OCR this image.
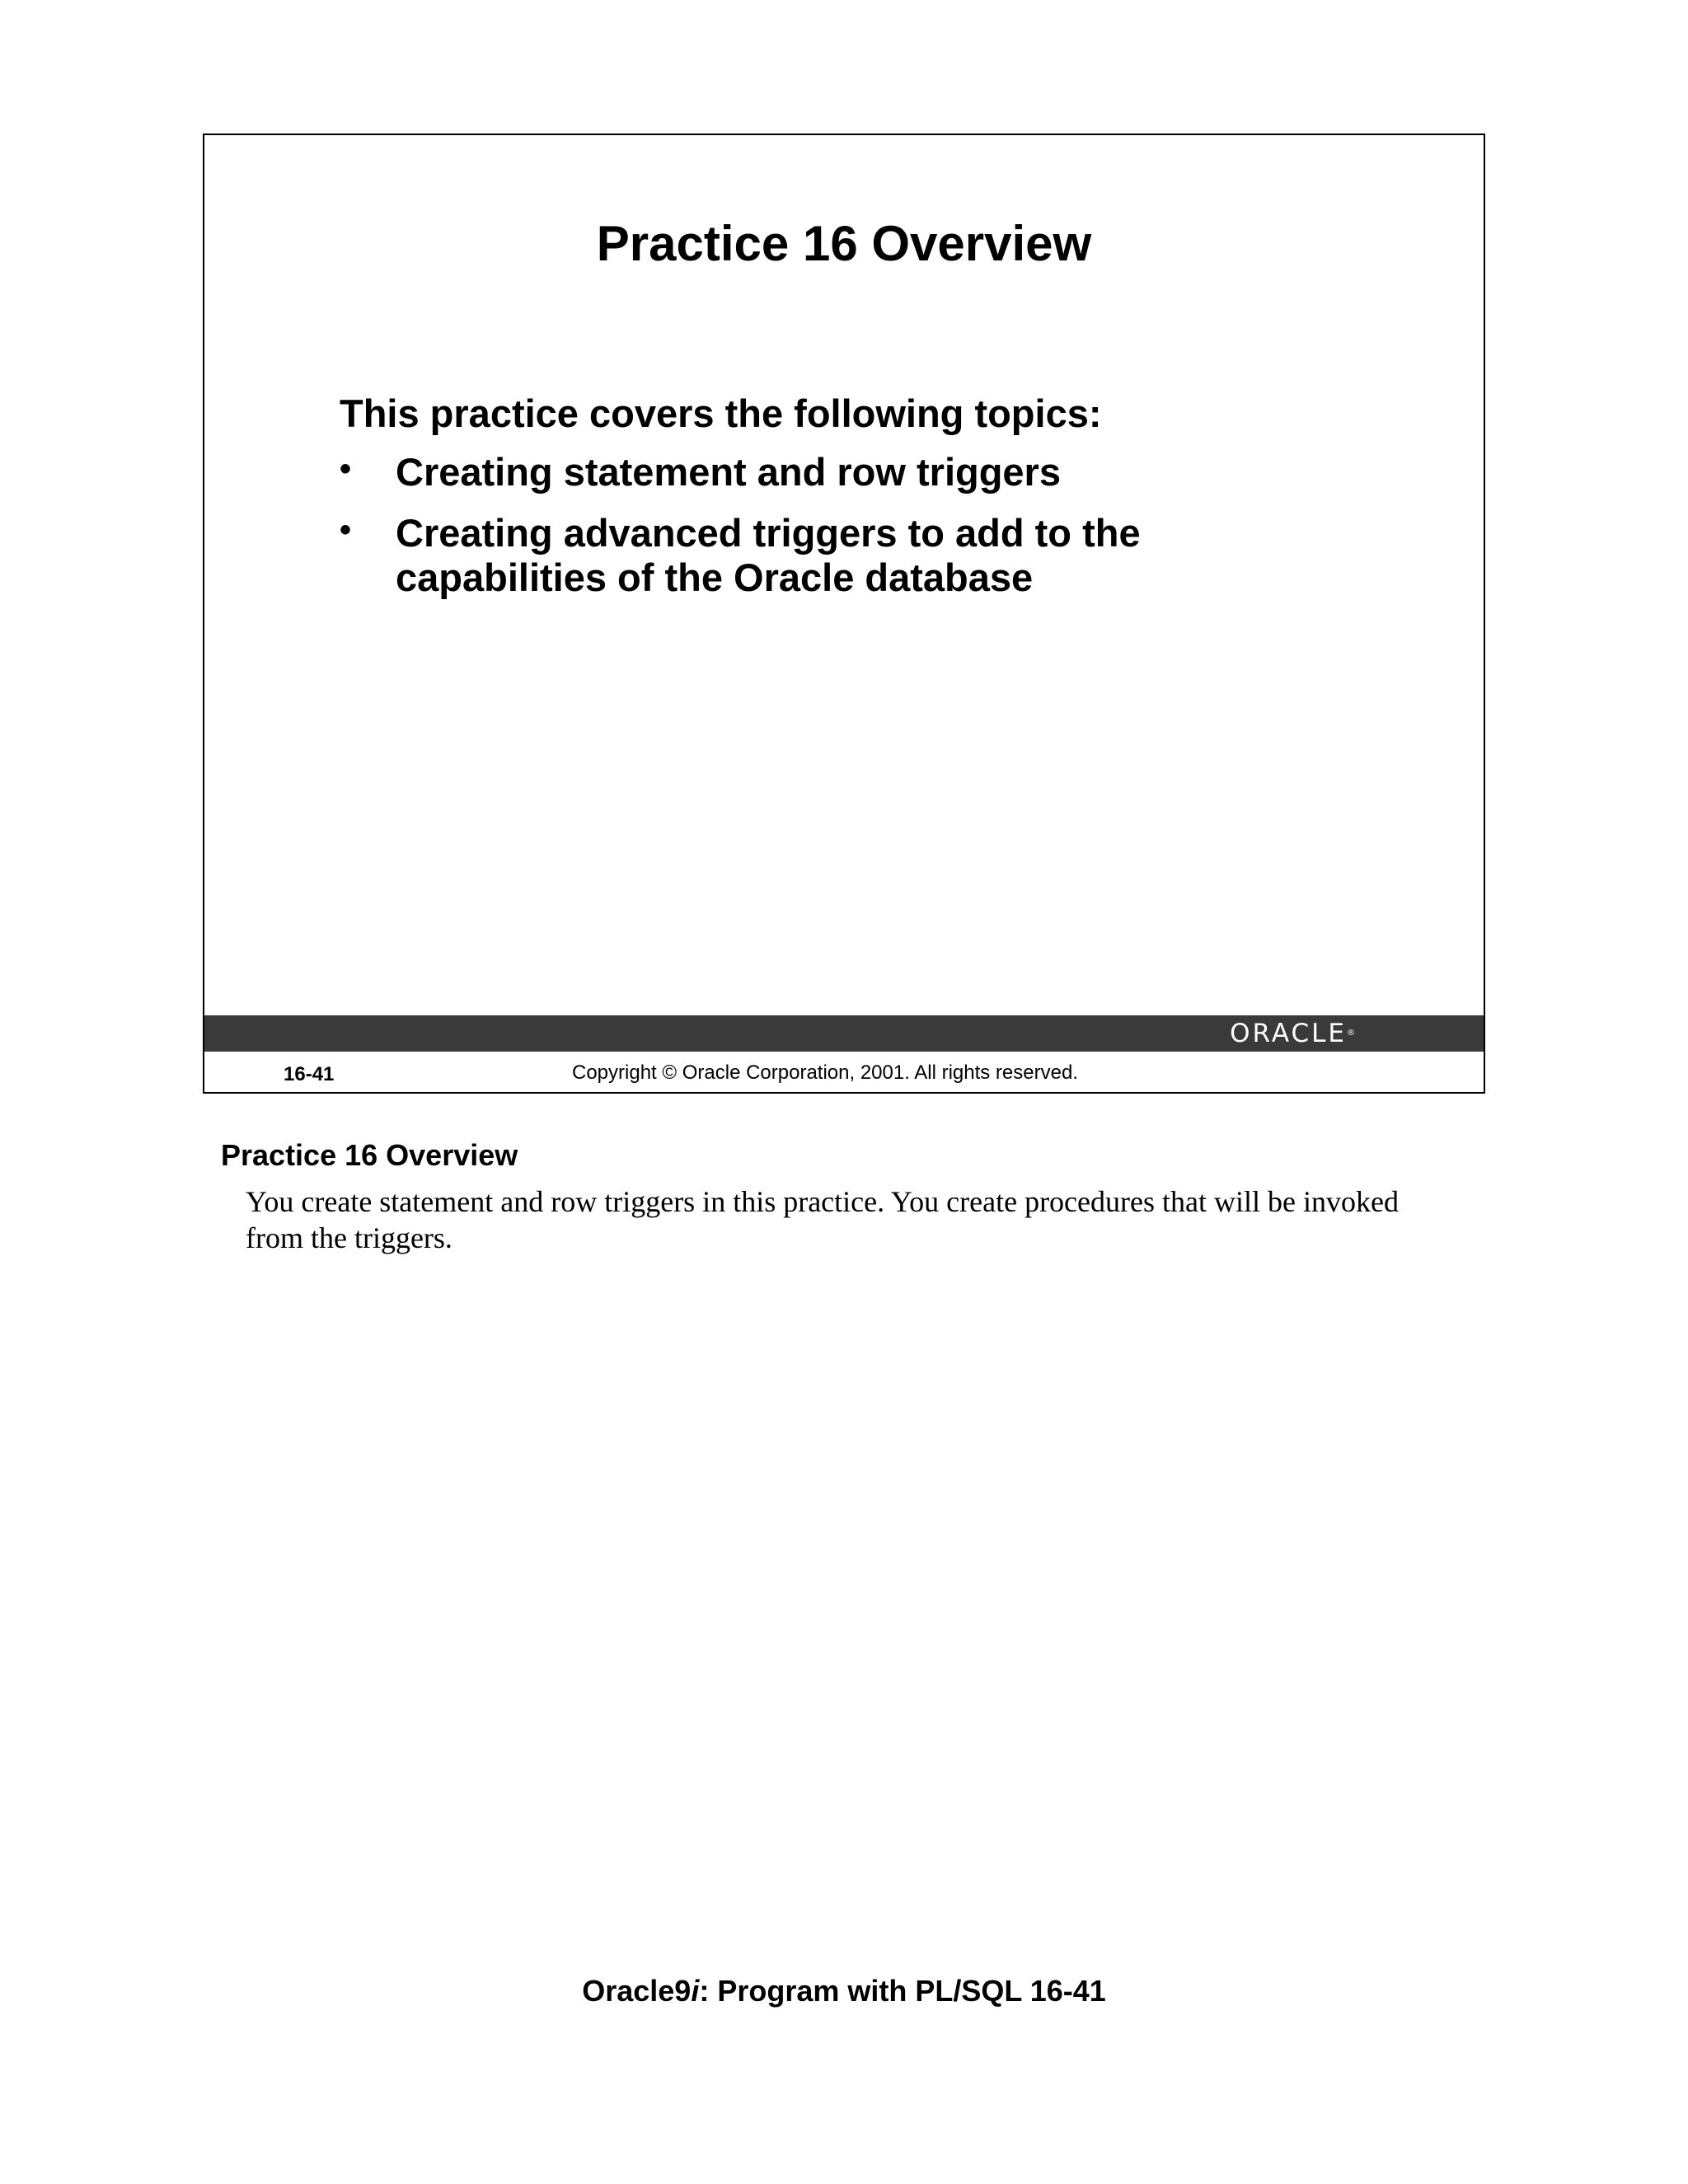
Practice 16 Overview

This practice covers the following topics:

• Creating statement and row triggers
• Creating advanced triggers to add to the capabilities of the Oracle database
ORACLE®
16-41	Copyright © Oracle Corporation, 2001. All rights reserved.
Practice 16 Overview

You create statement and row triggers in this practice. You create procedures that will be invoked from the triggers.

Oracle9i: Program with PL/SQL 16-41
